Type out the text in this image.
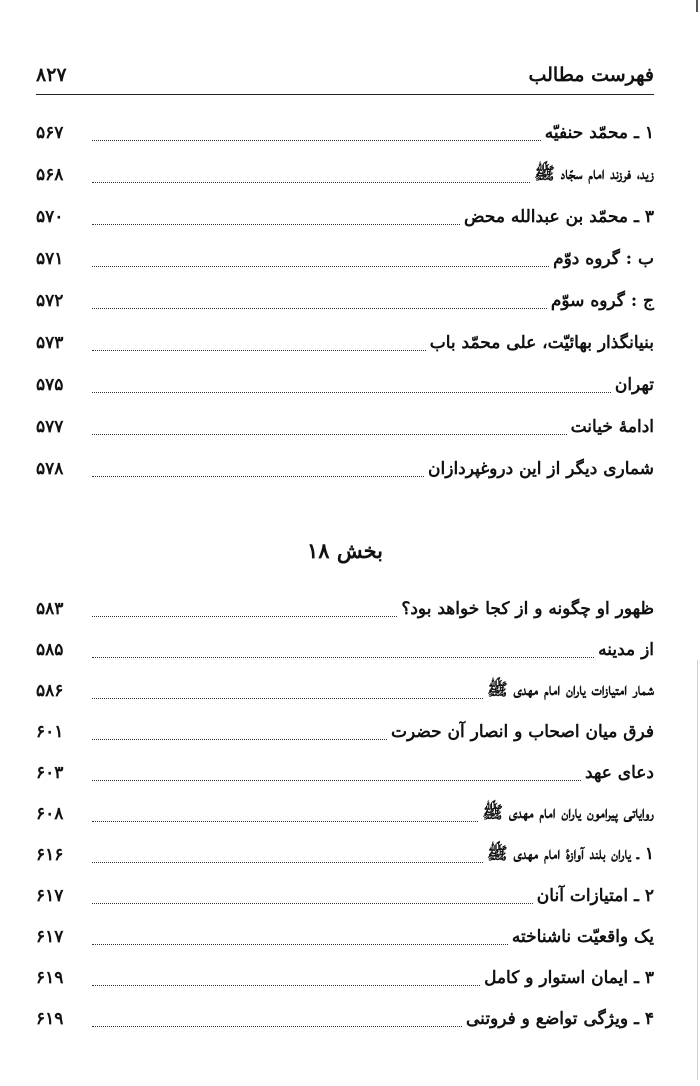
فهرست مطالب
۸۲۷
۱ ـ محمّد حنفیّه
۵۶۷
زید، فرزند امام سجّاد ﷺ
۵۶۸
۳ ـ محمّد بن عبدالله محض
۵۷۰
ب : گروه دوّم
۵۷۱
ج : گروه سوّم
۵۷۲
بنیانگذار بهائیّت، علی محمّد باب
۵۷۳
تهران
۵۷۵
ادامهٔ خیانت
۵۷۷
شماری دیگر از این دروغپردازان
۵۷۸
بخش ۱۸
ظهور او چگونه و از کجا خواهد بود؟
۵۸۳
از مدینه
۵۸۵
شمار امتیازات یاران امام مهدی ﷺ
۵۸۶
فرق میان اصحاب و انصار آن حضرت
۶۰۱
دعای عهد
۶۰۳
روایاتی پیرامون یاران امام مهدی ﷺ
۶۰۸
۱ ـ یاران بلند آوازهٔ امام مهدی ﷺ
۶۱۶
۲ ـ امتیازات آنان
۶۱۷
یک واقعیّت ناشناخته
۶۱۷
۳ ـ ایمان استوار و کامل
۶۱۹
۴ ـ ویژگی تواضع و فروتنی
۶۱۹
